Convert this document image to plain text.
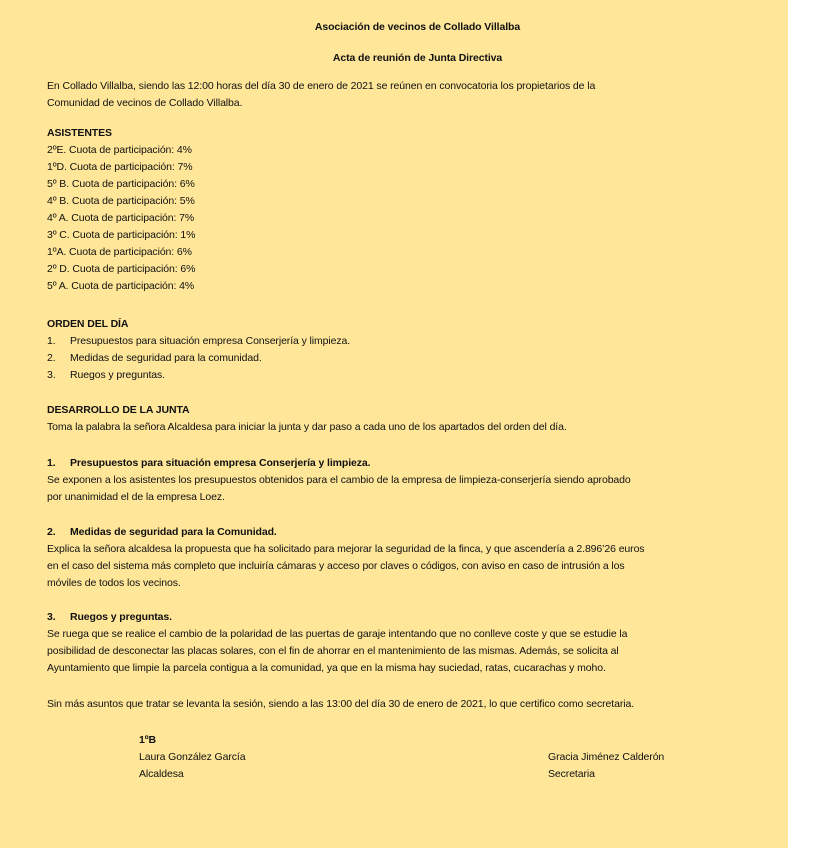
Asociación de vecinos de Collado Villalba
Acta de reunión de Junta Directiva
En Collado Villalba, siendo las 12:00 horas del día 30 de enero de 2021 se reúnen en convocatoria los propietarios de la
Comunidad de vecinos de Collado Villalba.
ASISTENTES
2ºE. Cuota de participación: 4%
1ºD. Cuota de participación: 7%
5º B. Cuota de participación: 6%
4º B. Cuota de participación: 5%
4º A. Cuota de participación: 7%
3º C. Cuota de participación: 1%
1ºA. Cuota de participación: 6%
2º D. Cuota de participación: 6%
5º A. Cuota de participación: 4%
ORDEN DEL DÍA
1. Presupuestos para situación empresa Conserjería y limpieza.
2. Medidas de seguridad para la comunidad.
3. Ruegos y preguntas.
DESARROLLO DE LA JUNTA
Toma la palabra la señora Alcaldesa para iniciar la junta y dar paso a cada uno de los apartados del orden del día.
1. Presupuestos para situación empresa Conserjería y limpieza.
Se exponen a los asistentes los presupuestos obtenidos para el cambio de la empresa de limpieza-conserjería siendo aprobado
por unanimidad el de la empresa Loez.
2. Medidas de seguridad para la Comunidad.
Explica la señora alcaldesa la propuesta que ha solicitado para mejorar la seguridad de la finca, y que ascendería a 2.896’26 euros
en el caso del sistema más completo que incluiría cámaras y acceso por claves o códigos, con aviso en caso de intrusión a los
móviles de todos los vecinos.
3. Ruegos y preguntas.
Se ruega que se realice el cambio de la polaridad de las puertas de garaje intentando que no conlleve coste y que se estudie la
posibilidad de desconectar las placas solares, con el fin de ahorrar en el mantenimiento de las mismas. Además, se solicita al
Ayuntamiento que limpie la parcela contigua a la comunidad, ya que en la misma hay suciedad, ratas, cucarachas y moho.
Sin más asuntos que tratar se levanta la sesión, siendo a las 13:00 del día 30 de enero de 2021, lo que certifico como secretaria.
1ºB
Laura González García
Alcaldesa
Gracia Jiménez Calderón
Secretaria
